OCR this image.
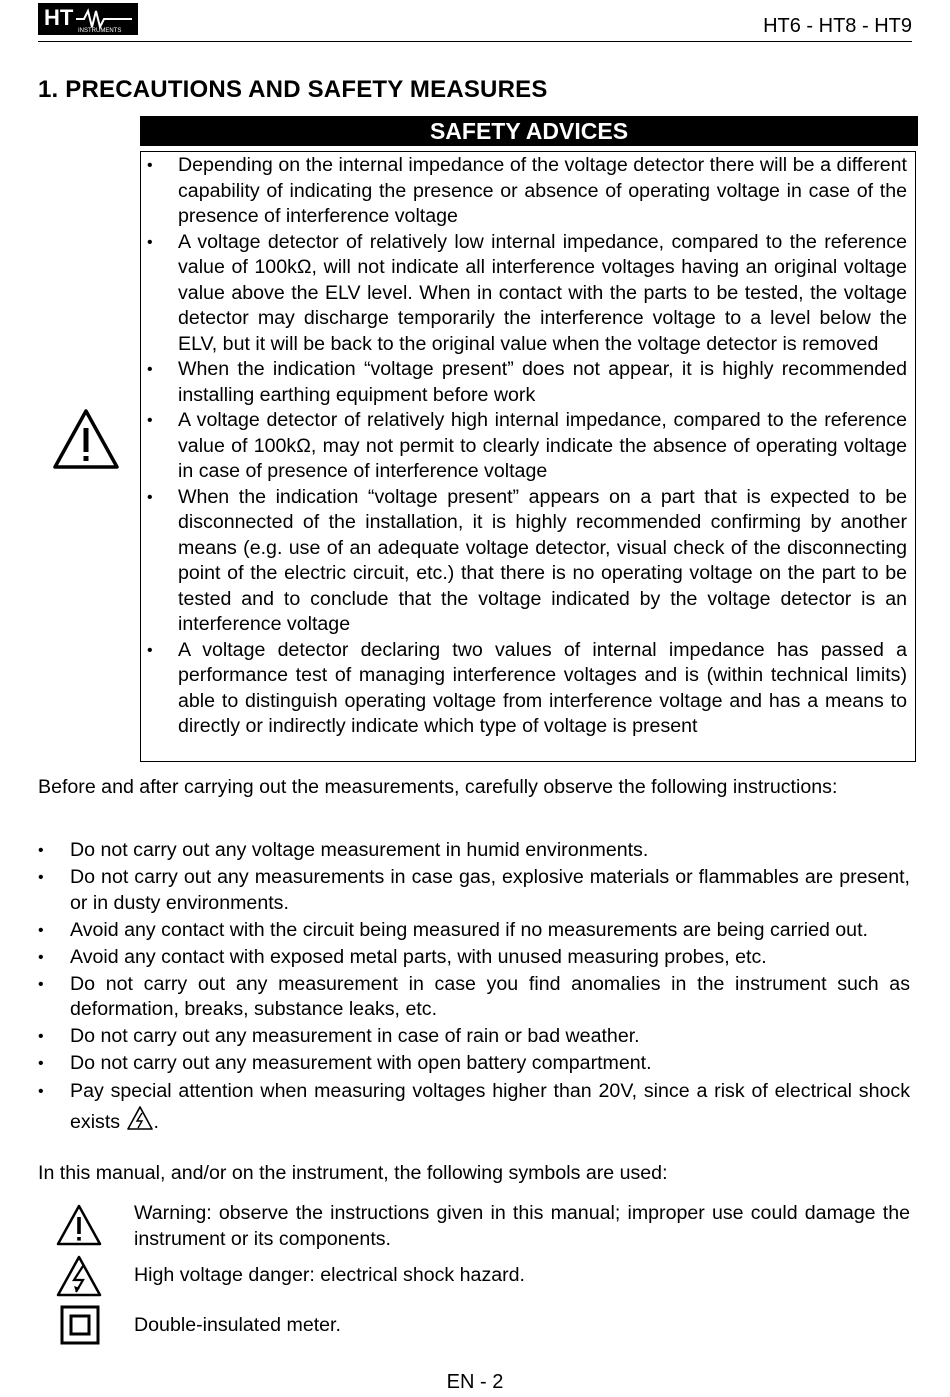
HT
INSTRUMENTS	HT6 - HT8 - HT9
1. PRECAUTIONS AND SAFETY MEASURES
SAFETY ADVICES
• Depending on the internal impedance of the voltage detector there will be a different capability of indicating the presence or absence of operating voltage in case of the presence of interference voltage
• A voltage detector of relatively low internal impedance, compared to the reference value of 100kΩ, will not indicate all interference voltages having an original voltage value above the ELV level. When in contact with the parts to be tested, the voltage detector may discharge temporarily the interference voltage to a level below the ELV, but it will be back to the original value when the voltage detector is removed
• When the indication “voltage present” does not appear, it is highly recommended installing earthing equipment before work
• A voltage detector of relatively high internal impedance, compared to the reference value of 100kΩ, may not permit to clearly indicate the absence of operating voltage in case of presence of interference voltage
• When the indication “voltage present” appears on a part that is expected to be disconnected of the installation, it is highly recommended confirming by another means (e.g. use of an adequate voltage detector, visual check of the disconnecting point of the electric circuit, etc.) that there is no operating voltage on the part to be tested and to conclude that the voltage indicated by the voltage detector is an interference voltage
• A voltage detector declaring two values of internal impedance has passed a performance test of managing interference voltages and is (within technical limits) able to distinguish operating voltage from interference voltage and has a means to directly or indirectly indicate which type of voltage is present
Before and after carrying out the measurements, carefully observe the following instructions:
• Do not carry out any voltage measurement in humid environments.
• Do not carry out any measurements in case gas, explosive materials or flammables are present, or in dusty environments.
• Avoid any contact with the circuit being measured if no measurements are being carried out.
• Avoid any contact with exposed metal parts, with unused measuring probes, etc.
• Do not carry out any measurement in case you find anomalies in the instrument such as deformation, breaks, substance leaks, etc.
• Do not carry out any measurement in case of rain or bad weather.
• Do not carry out any measurement with open battery compartment.
• Pay special attention when measuring voltages higher than 20V, since a risk of electrical shock exists .
In this manual, and/or on the instrument, the following symbols are used:
Warning: observe the instructions given in this manual; improper use could damage the instrument or its components.
High voltage danger: electrical shock hazard.
Double-insulated meter.
EN - 2
